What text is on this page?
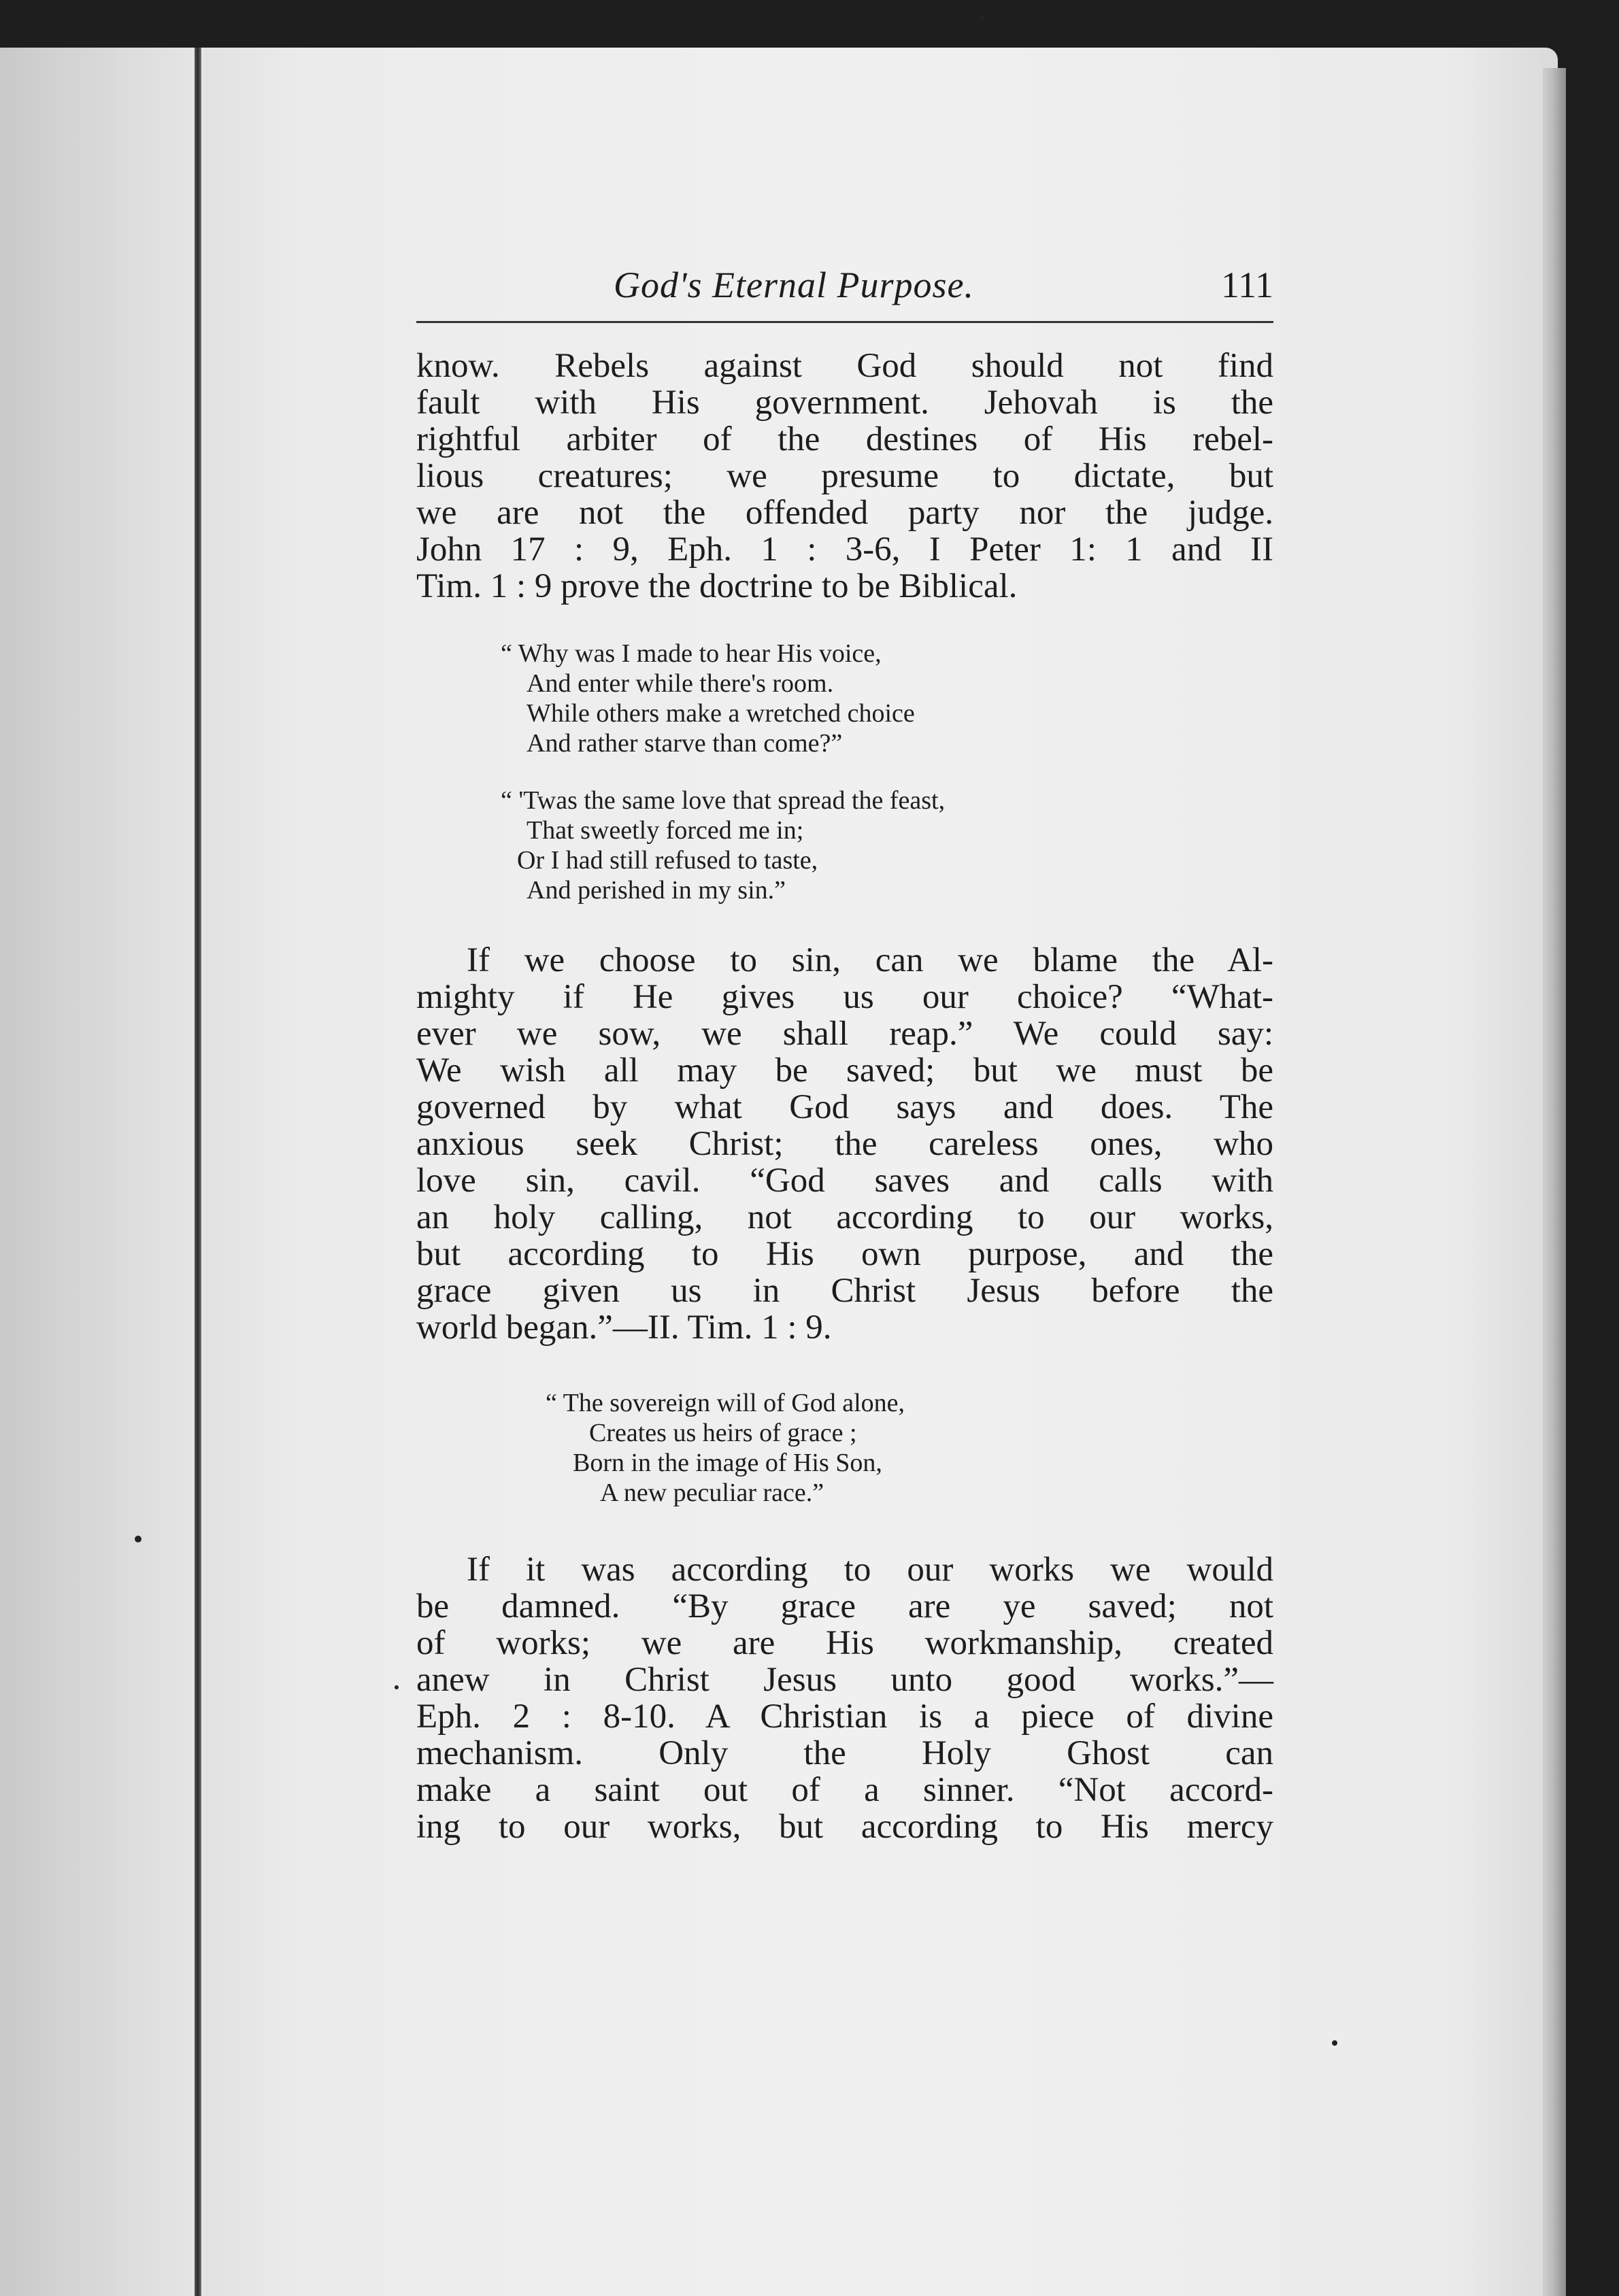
God's Eternal Purpose.	111

know. Rebels against God should not find
fault with His government. Jehovah is the
rightful arbiter of the destines of His rebel-
lious creatures; we presume to dictate, but
we are not the offended party nor the judge.
John 17 : 9, Eph. 1 : 3-6, I Peter 1: 1 and II
Tim. 1 : 9 prove the doctrine to be Biblical.

“ Why was I made to hear His voice,
And enter while there's room.
While others make a wretched choice
And rather starve than come?”
“ 'Twas the same love that spread the feast,
That sweetly forced me in;
Or I had still refused to taste,
And perished in my sin.”

If we choose to sin, can we blame the Al-
mighty if He gives us our choice? “What-
ever we sow, we shall reap.” We could say:
We wish all may be saved; but we must be
governed by what God says and does. The
anxious seek Christ; the careless ones, who
love sin, cavil. “God saves and calls with
an holy calling, not according to our works,
but according to His own purpose, and the
grace given us in Christ Jesus before the
world began.”—II. Tim. 1 : 9.

“ The sovereign will of God alone,
Creates us heirs of grace ;
Born in the image of His Son,
A new peculiar race.”

If it was according to our works we would
be damned. “By grace are ye saved; not
of works; we are His workmanship, created
anew in Christ Jesus unto good works.”—
Eph. 2 : 8-10. A Christian is a piece of divine
mechanism. Only the Holy Ghost can
make a saint out of a sinner. “Not accord-
ing to our works, but according to His mercy
